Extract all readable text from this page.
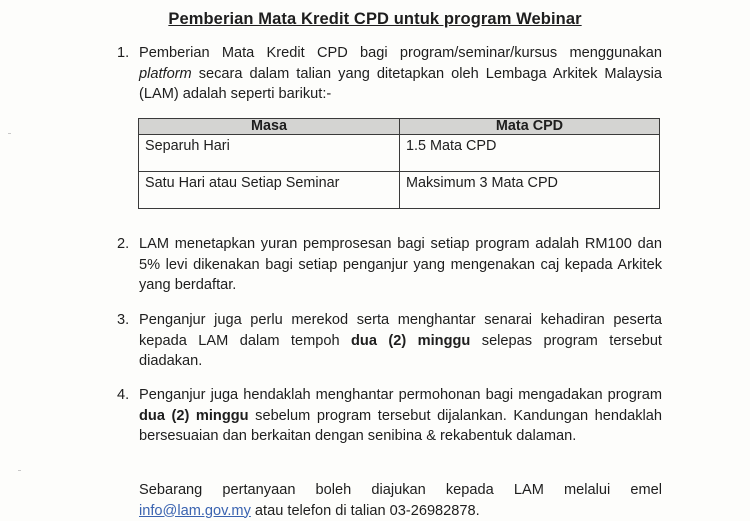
Pemberian Mata Kredit CPD untuk program Webinar
1. Pemberian Mata Kredit CPD bagi program/seminar/kursus menggunakan platform secara dalam talian yang ditetapkan oleh Lembaga Arkitek Malaysia (LAM) adalah seperti barikut:-
Masa	Mata CPD
Separuh Hari	1.5 Mata CPD
Satu Hari atau Setiap Seminar	Maksimum 3 Mata CPD
2. LAM menetapkan yuran pemprosesan bagi setiap program adalah RM100 dan 5% levi dikenakan bagi setiap penganjur yang mengenakan caj kepada Arkitek yang berdaftar.
3. Penganjur juga perlu merekod serta menghantar senarai kehadiran peserta kepada LAM dalam tempoh dua (2) minggu selepas program tersebut diadakan.
4. Penganjur juga hendaklah menghantar permohonan bagi mengadakan program dua (2) minggu sebelum program tersebut dijalankan. Kandungan hendaklah bersesuaian dan berkaitan dengan senibina & rekabentuk dalaman.
Sebarang pertanyaan boleh diajukan kepada LAM melalui emel
info@lam.gov.my atau telefon di talian 03-26982878.
